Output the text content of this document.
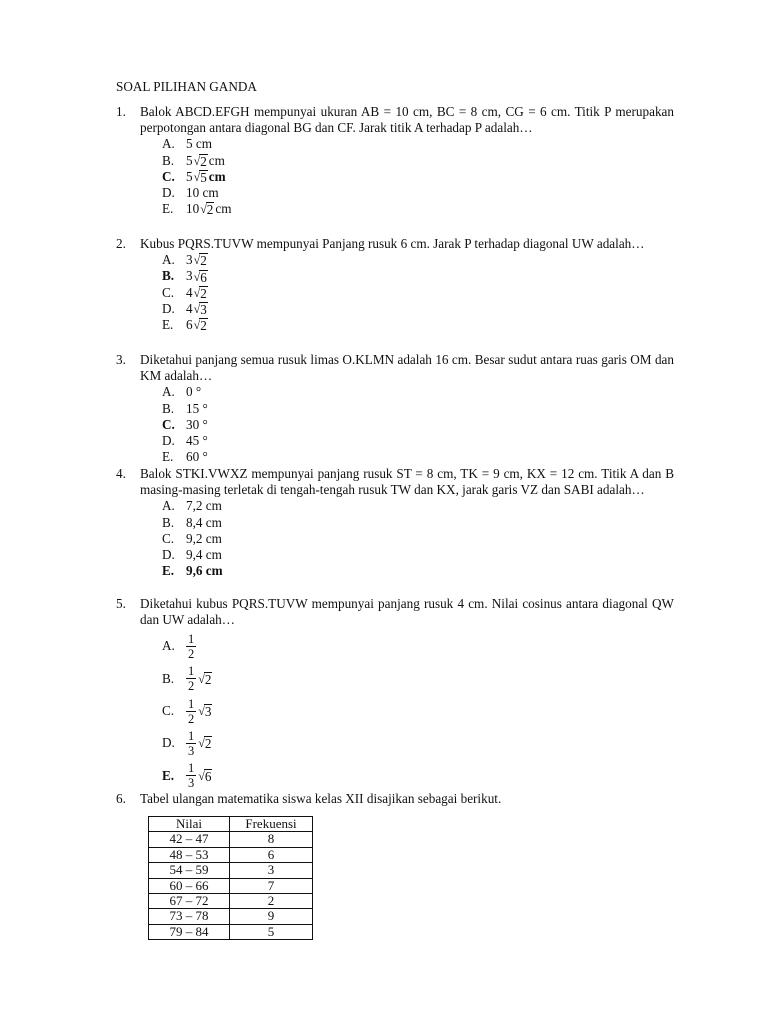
SOAL PILIHAN GANDA
1.	Balok ABCD.EFGH mempunyai ukuran AB = 10 cm, BC = 8 cm, CG = 6 cm. Titik P merupakan perpotongan antara diagonal BG dan CF. Jarak titik A terhadap P adalah…
A. 5 cm
B. 5 √ 2 cm
C. 5 √ 5 cm
D. 10 cm
E. 10 √ 2 cm
2.	Kubus PQRS.TUVW mempunyai Panjang rusuk 6 cm. Jarak P terhadap diagonal UW adalah…
A. 3 √ 2
B. 3 √ 6
C. 4 √ 2
D. 4 √ 3
E. 6 √ 2
3.	Diketahui panjang semua rusuk limas O.KLMN adalah 16 cm. Besar sudut antara ruas garis OM dan KM adalah…
A. 0 °
B. 15 °
C. 30 °
D. 45 °
E. 60 °
4.	Balok STKI.VWXZ mempunyai panjang rusuk ST = 8 cm, TK = 9 cm, KX = 12 cm. Titik A dan B masing-masing terletak di tengah-tengah rusuk TW dan KX, jarak garis VZ dan SABI adalah…
A. 7,2 cm
B. 8,4 cm
C. 9,2 cm
D. 9,4 cm
E. 9,6 cm
5.	Diketahui kubus PQRS.TUVW mempunyai panjang rusuk 4 cm. Nilai cosinus antara diagonal QW dan UW adalah…
A. $\frac{1}{2}$
B. $\frac{1}{2}$ √ 2
C. $\frac{1}{2}$ √ 3
D. $\frac{1}{3}$ √ 2
E. $\frac{1}{3}$ √ 6
6.	Tabel ulangan matematika siswa kelas XII disajikan sebagai berikut.
Nilai	Frekuensi
42 – 47	8
48 – 53	6
54 – 59	3
60 – 66	7
67 – 72	2
73 – 78	9
79 – 84	5
